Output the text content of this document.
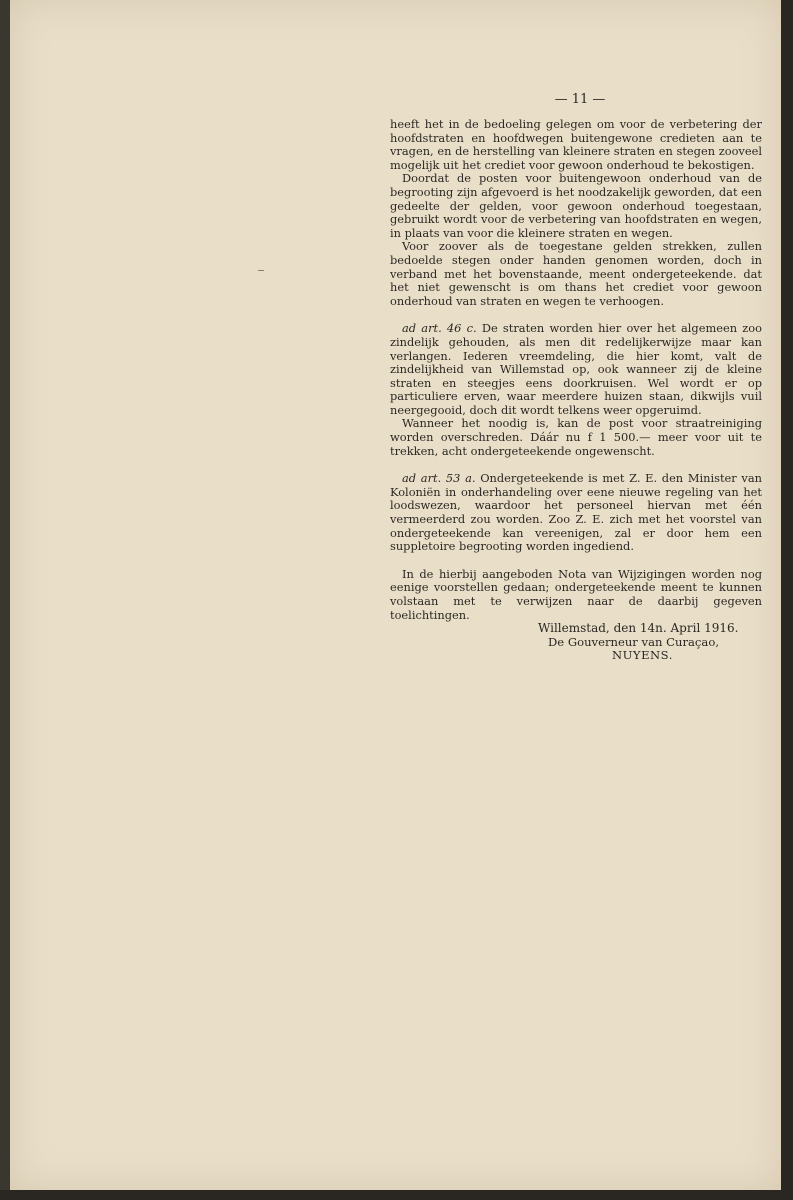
— 11 —

heeft het in de bedoeling gelegen om voor de verbetering der hoofdstraten en hoofdwegen buitengewone credieten aan te vragen, en de herstelling van kleinere straten en stegen zooveel mogelijk uit het crediet voor gewoon onderhoud te bekostigen.

Doordat de posten voor buitengewoon onderhoud van de begrooting zijn afgevoerd is het noodzakelijk geworden, dat een gedeelte der gelden, voor gewoon onderhoud toegestaan, gebruikt wordt voor de verbetering van hoofdstraten en wegen, in plaats van voor die kleinere straten en wegen.

Voor zoover als de toegestane gelden strekken, zullen bedoelde stegen onder handen genomen worden, doch in verband met het bovenstaande, meent ondergeteekende. dat het niet gewenscht is om thans het crediet voor gewoon onderhoud van straten en wegen te verhoogen.

ad art. 46 c. De straten worden hier over het algemeen zoo zindelijk gehouden, als men dit redelijkerwijze maar kan verlangen. Iederen vreemdeling, die hier komt, valt de zindelijkheid van Willemstad op, ook wanneer zij de kleine straten en steegjes eens doorkruisen. Wel wordt er op particuliere erven, waar meerdere huizen staan, dikwijls vuil neergegooid, doch dit wordt telkens weer opgeruimd.

Wanneer het noodig is, kan de post voor straatreiniging worden overschreden. Dáár nu f 1 500.— meer voor uit te trekken, acht ondergeteekende ongewenscht.

ad art. 53 a. Ondergeteekende is met Z. E. den Minister van Koloniën in onderhandeling over eene nieuwe regeling van het loodswezen, waardoor het personeel hiervan met één vermeerderd zou worden. Zoo Z. E. zich met het voorstel van ondergeteekende kan vereenigen, zal er door hem een suppletoire begrooting worden ingediend.

In de hierbij aangeboden Nota van Wijzigingen worden nog eenige voorstellen gedaan; ondergeteekende meent te kunnen volstaan met te verwijzen naar de daarbij gegeven toelichtingen.

Willemstad, den 14n. April 1916.

De Gouverneur van Curaçao,

NUYENS.
